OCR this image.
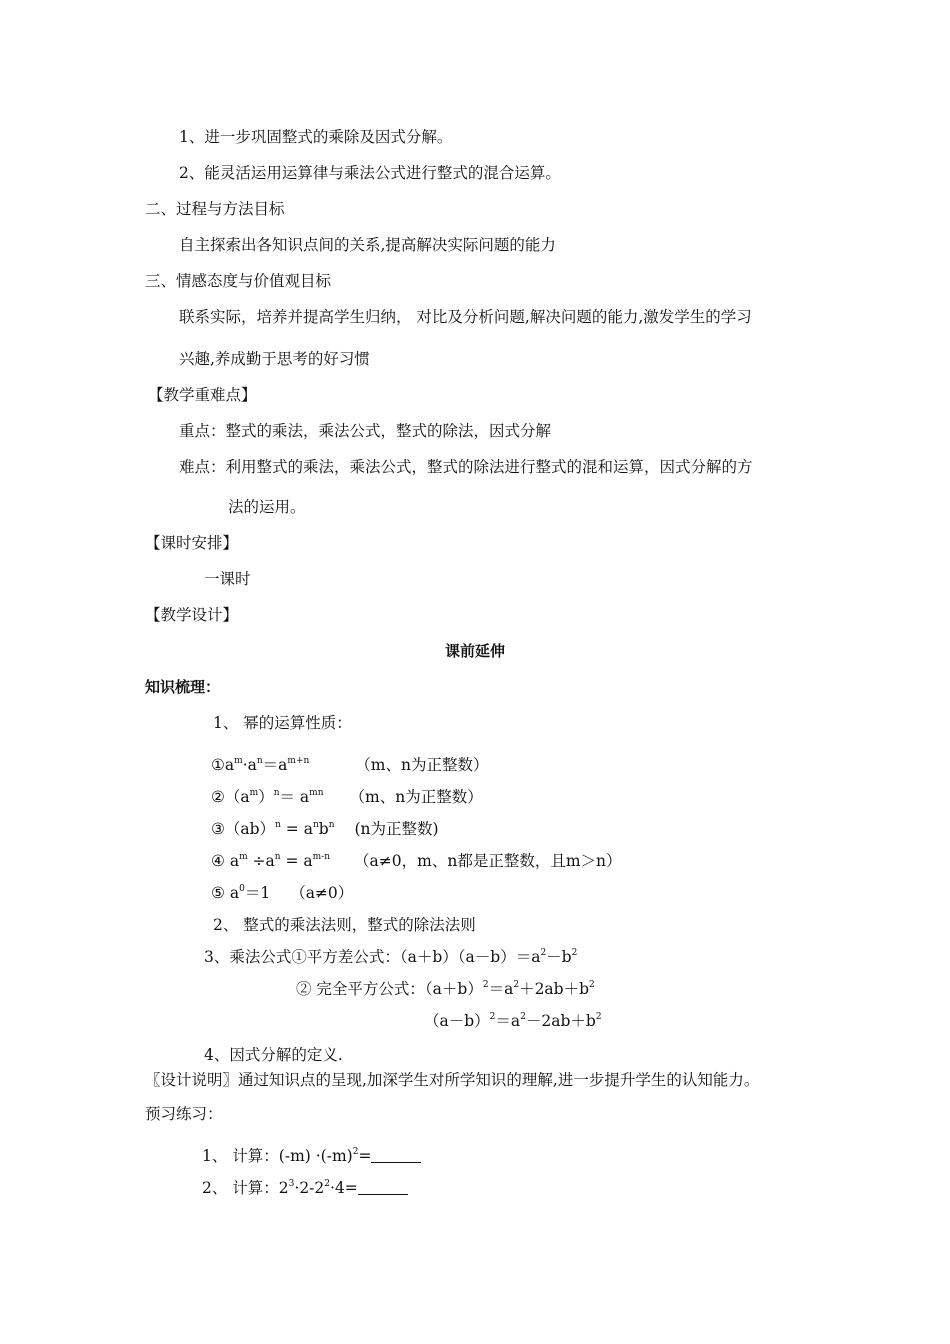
1、进一步巩固整式的乘除及因式分解。
2、能灵活运用运算律与乘法公式进行整式的混合运算。
二、过程与方法目标
自主探索出各知识点间的关系,提高解决实际问题的能力
三、情感态度与价值观目标
联系实际，培养并提高学生归纳， 对比及分析问题,解决问题的能力,激发学生的学习
兴趣,养成勤于思考的好习惯
【教学重难点】
重点：整式的乘法，乘法公式，整式的除法，因式分解
难点：利用整式的乘法，乘法公式，整式的除法进行整式的混和运算，因式分解的方
法的运用。
【课时安排】
一课时
【教学设计】
课前延伸
知识梳理：
1、 幂的运算性质：
$①a^m\cdot a^n=a^{m+n}$	（m、n为正整数）
$②(a^m)^n= a^{mn}$ （m、n为正整数）
③（ab）$^n$ = $a^nb^n$ (n为正整数)
④ $a^m \div a^n = a^{m-n}$ （a≠0，m、n都是正整数，且m＞n）
⑤ $a^0=1$ （a≠0）
2、 整式的乘法法则，整式的除法法则
3、乘法公式①平方差公式：$(a+b)(a-b)=a^2-b^2$
② 完全平方公式：$(a+b)^2=a^2+2ab+b^2$
$(a-b)^2=a^2-2ab+b^2$
4、因式分解的定义.
〖设计说明〗通过知识点的呈现,加深学生对所学知识的理解,进一步提升学生的认知能力。
预习练习：
1、 计算：$(-m) \cdot(-m)^2=$
2、 计算：$2^3\cdot 2-2^2\cdot 4=$
